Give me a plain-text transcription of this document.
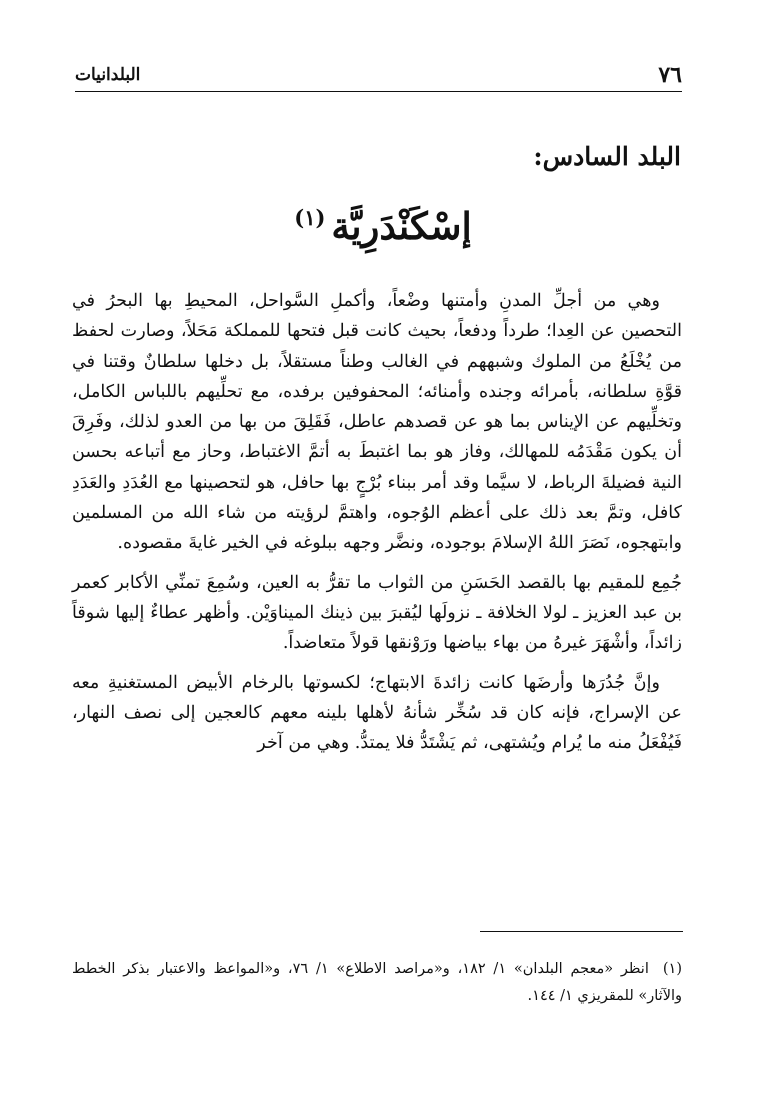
٧٦
البلدانيات
البلد السادس:
إسْكَنْدَرِيَّة$^{(١)}$

وهي من أجلِّ المدنِ وأمتنها وضْعاً، وأكملِ السَّواحل، المحيطِ بها البحرُ في التحصين عن العِدا؛ طرداً ودفعاً، بحيث كانت قبل فتحها للمملكة مَحَلاً، وصارت لحفظ من يُخْلَعُ من الملوك وشبههم في الغالب وطناً مستقلاً، بل دخلها سلطانٌ وقتنا في قوَّةِ سلطانه، بأمرائه وجنده وأمنائه؛ المحفوفين برفده، مع تحلِّيهم باللباس الكامل، وتخلِّيهم عن الإيناس بما هو عن قصدهم عاطل، فَقَلِقَ من بها من العدو لذلك، وفَرِقَ أن يكون مَقْدَمُه للمهالك، وفاز هو بما اغتبطَ به أتمَّ الاغتباط، وحاز مع أتباعه بحسن النية فضيلةَ الرباط، لا سيَّما وقد أمر ببناء بُرْجٍ بها حافل، هو لتحصينها مع العُدَدِ والعَدَدِ كافل، وتمَّ بعد ذلك على أعظم الوُجوه، واهتمَّ لرؤيته من شاء الله من المسلمين وابتهجوه، نَصَرَ اللهُ الإسلامَ بوجوده، ونضَّر وجهه ببلوغه في الخير غايةَ مقصوده.

جُمِع للمقيم بها بالقصد الحَسَنِ من الثواب ما تقرُّ به العين، وسُمِعَ تمنِّي الأكابر كعمر بن عبد العزيز ـ لولا الخلافة ـ نزولَها ليُقبرَ بين ذينك الميناوَيْن. وأظهر عطاءٌ إليها شوقاً زائداً، وأشْهَرَ غيرهُ من بهاء بياضها ورَوْنقها قولاً متعاضداً.

وإنَّ جُدُرَها وأرضَها كانت زائدةَ الابتهاج؛ لكسوتها بالرخام الأبيض المستغنيةِ معه عن الإسراج، فإنه كان قد سُخِّر شأنهُ لأهلها بلينه معهم كالعجين إلى نصف النهار، فَيُفْعَلُ منه ما يُرام ويُشتهى، ثم يَشْتَدُّ فلا يمتدُّ. وهي من آخر

(١)انظر «معجم البلدان» ١/ ١٨٢، و«مراصد الاطلاع» ١/ ٧٦، و«المواعظ والاعتبار بذكر الخطط والآثار» للمقريزي ١/ ١٤٤.
